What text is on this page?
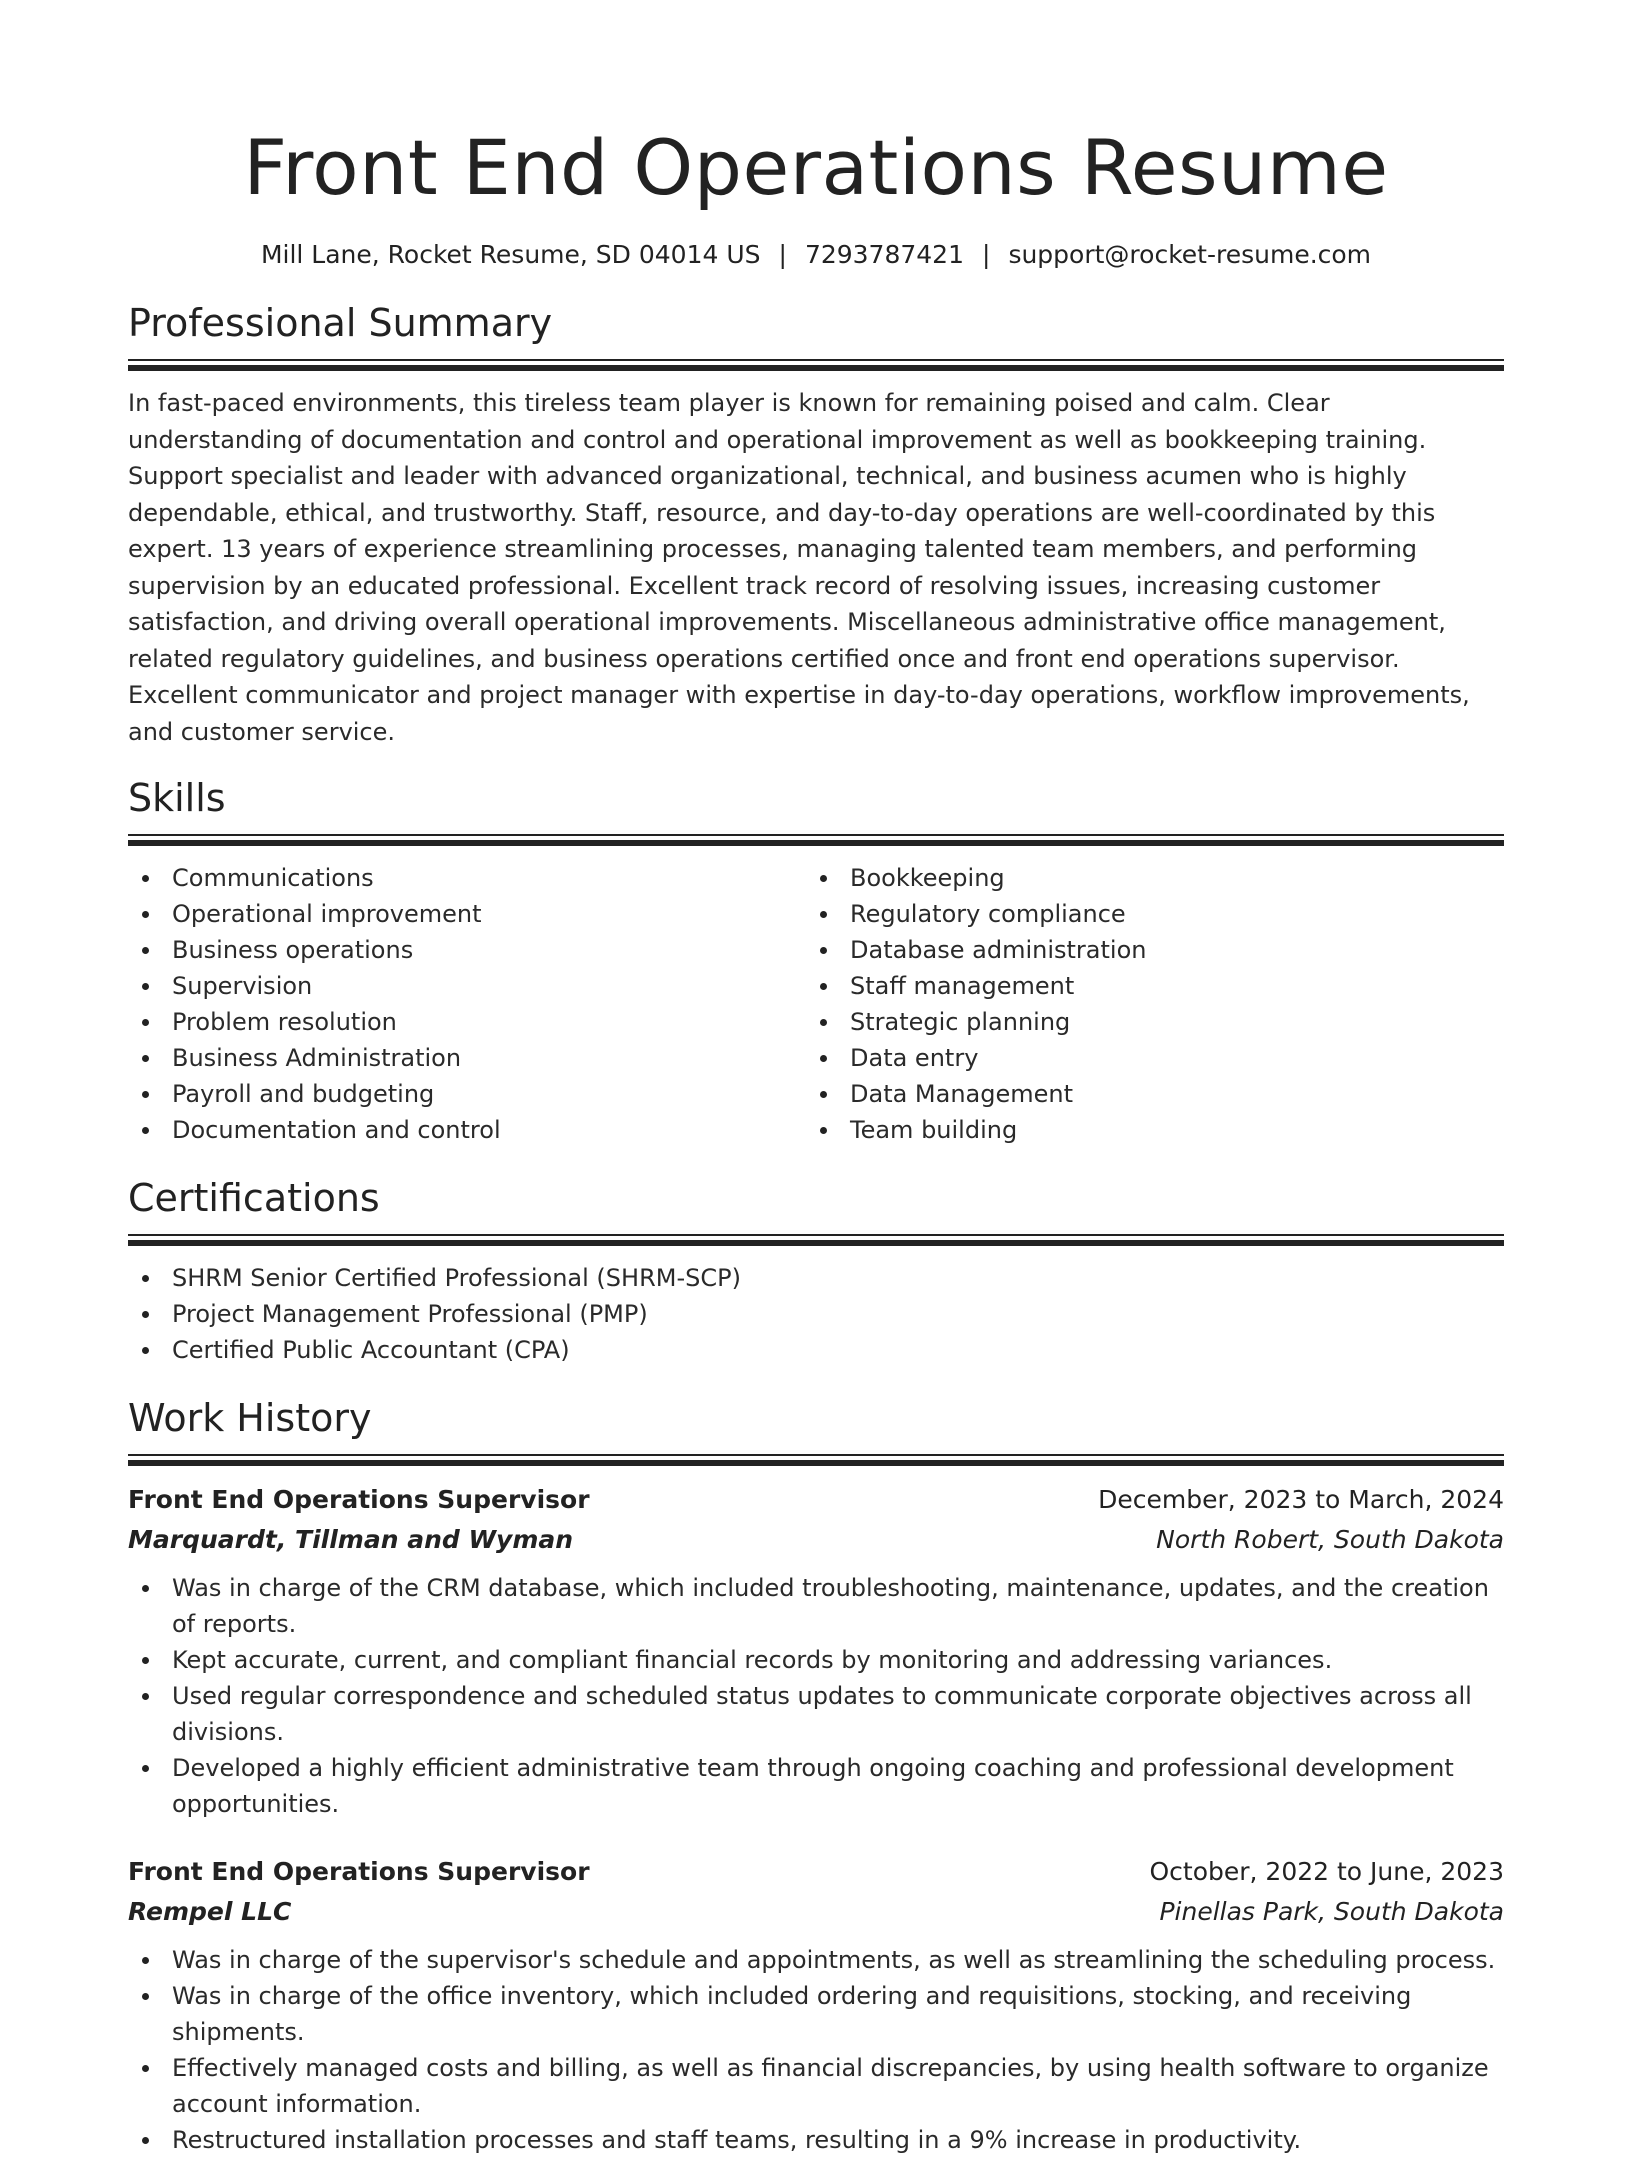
Front End Operations Resume
Mill Lane, Rocket Resume, SD 04014 US | 7293787421 | support@rocket-resume.com
Professional Summary
In fast-paced environments, this tireless team player is known for remaining poised and calm. Clear understanding of documentation and control and operational improvement as well as bookkeeping training. Support specialist and leader with advanced organizational, technical, and business acumen who is highly dependable, ethical, and trustworthy. Staff, resource, and day-to-day operations are well-coordinated by this expert. 13 years of experience streamlining processes, managing talented team members, and performing supervision by an educated professional. Excellent track record of resolving issues, increasing customer satisfaction, and driving overall operational improvements. Miscellaneous administrative office management, related regulatory guidelines, and business operations certified once and front end operations supervisor. Excellent communicator and project manager with expertise in day-to-day operations, workflow improvements, and customer service.
Skills
Communications
Operational improvement
Business operations
Supervision
Problem resolution
Business Administration
Payroll and budgeting
Documentation and control
Bookkeeping
Regulatory compliance
Database administration
Staff management
Strategic planning
Data entry
Data Management
Team building
Certifications
SHRM Senior Certified Professional (SHRM-SCP)
Project Management Professional (PMP)
Certified Public Accountant (CPA)
Work History
Front End Operations Supervisor	December, 2023 to March, 2024
Marquardt, Tillman and Wyman	North Robert, South Dakota
Was in charge of the CRM database, which included troubleshooting, maintenance, updates, and the creation of reports.
Kept accurate, current, and compliant financial records by monitoring and addressing variances.
Used regular correspondence and scheduled status updates to communicate corporate objectives across all divisions.
Developed a highly efficient administrative team through ongoing coaching and professional development opportunities.
Front End Operations Supervisor	October, 2022 to June, 2023
Rempel LLC	Pinellas Park, South Dakota
Was in charge of the supervisor's schedule and appointments, as well as streamlining the scheduling process.
Was in charge of the office inventory, which included ordering and requisitions, stocking, and receiving shipments.
Effectively managed costs and billing, as well as financial discrepancies, by using health software to organize account information.
Restructured installation processes and staff teams, resulting in a 9% increase in productivity.
